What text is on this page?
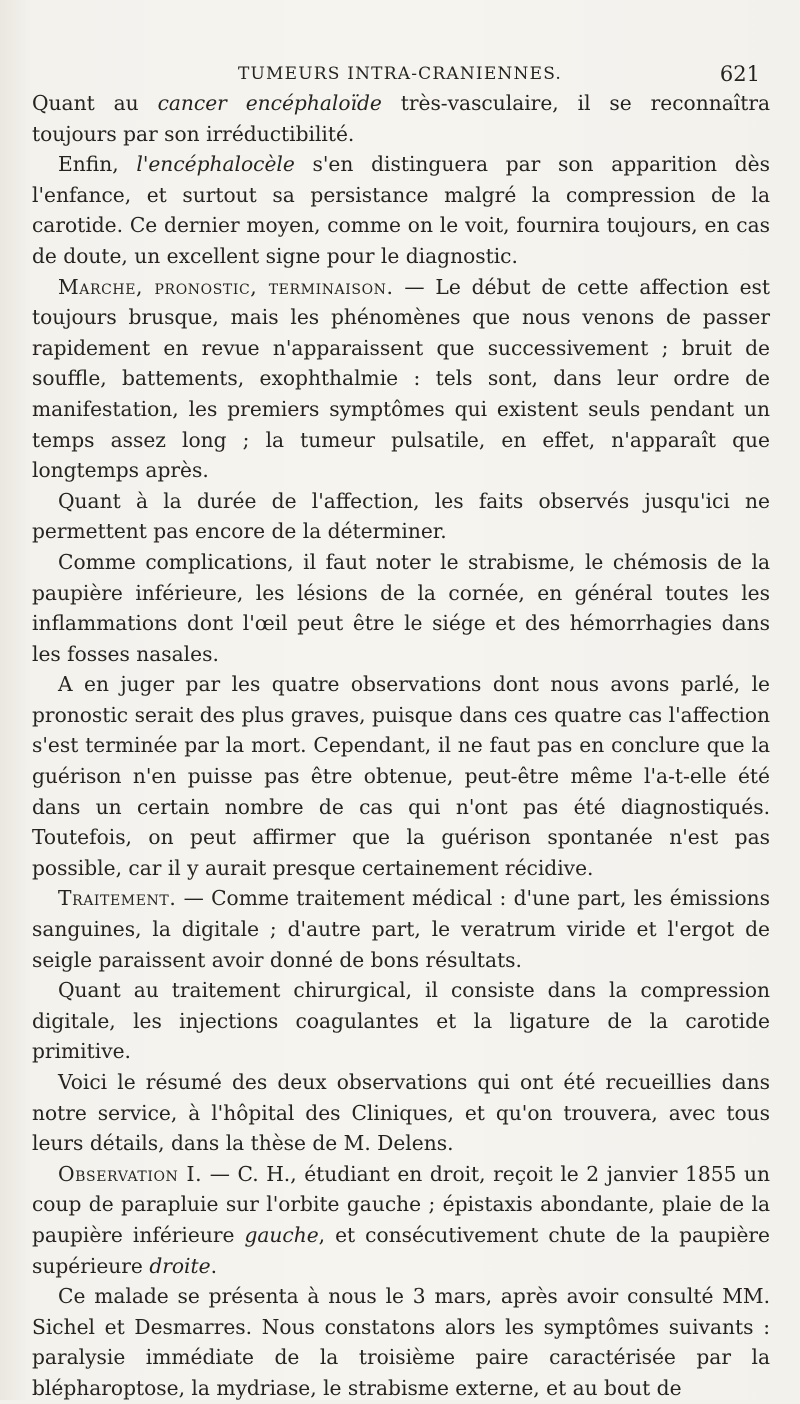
TUMEURS INTRA-CRANIENNES.	621

Quant au cancer encéphaloïde très-vasculaire, il se reconnaîtra toujours par son irréductibilité.

Enfin, l'encéphalocèle s'en distinguera par son apparition dès l'enfance, et surtout sa persistance malgré la compression de la carotide. Ce dernier moyen, comme on le voit, fournira toujours, en cas de doute, un excellent signe pour le diagnostic.

Marche, pronostic, terminaison. — Le début de cette affection est toujours brusque, mais les phénomènes que nous venons de passer rapidement en revue n'apparaissent que successivement ; bruit de souffle, battements, exophthalmie : tels sont, dans leur ordre de manifestation, les premiers symptômes qui existent seuls pendant un temps assez long ; la tumeur pulsatile, en effet, n'apparaît que longtemps après.

Quant à la durée de l'affection, les faits observés jusqu'ici ne permettent pas encore de la déterminer.

Comme complications, il faut noter le strabisme, le chémosis de la paupière inférieure, les lésions de la cornée, en général toutes les inflammations dont l'œil peut être le siége et des hémorrhagies dans les fosses nasales.

A en juger par les quatre observations dont nous avons parlé, le pronostic serait des plus graves, puisque dans ces quatre cas l'affection s'est terminée par la mort. Cependant, il ne faut pas en conclure que la guérison n'en puisse pas être obtenue, peut-être même l'a-t-elle été dans un certain nombre de cas qui n'ont pas été diagnostiqués. Toutefois, on peut affirmer que la guérison spontanée n'est pas possible, car il y aurait presque certainement récidive.

Traitement. — Comme traitement médical : d'une part, les émissions sanguines, la digitale ; d'autre part, le veratrum viride et l'ergot de seigle paraissent avoir donné de bons résultats.

Quant au traitement chirurgical, il consiste dans la compression digitale, les injections coagulantes et la ligature de la carotide primitive.

Voici le résumé des deux observations qui ont été recueillies dans notre service, à l'hôpital des Cliniques, et qu'on trouvera, avec tous leurs détails, dans la thèse de M. Delens.

Observation I. — C. H., étudiant en droit, reçoit le 2 janvier 1855 un coup de parapluie sur l'orbite gauche ; épistaxis abondante, plaie de la paupière inférieure gauche, et consécutivement chute de la paupière supérieure droite.

Ce malade se présenta à nous le 3 mars, après avoir consulté MM. Sichel et Desmarres. Nous constatons alors les symptômes suivants : paralysie immédiate de la troisième paire caractérisée par la blépharoptose, la mydriase, le strabisme externe, et au bout de
